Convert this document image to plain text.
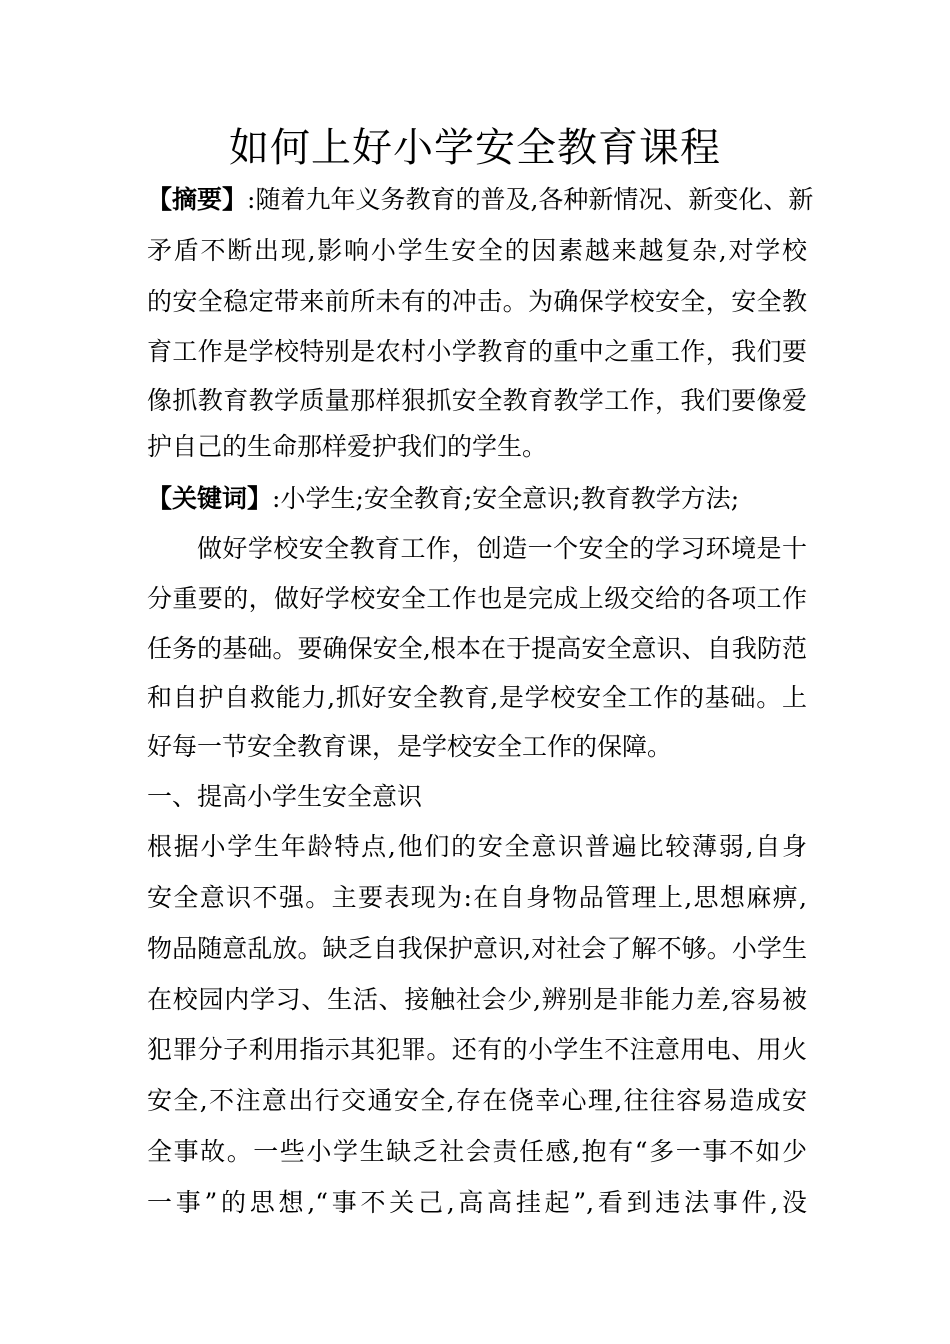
如何上好小学安全教育课程
【摘要】:随着九年义务教育的普及,各种新情况、新变化、新
矛盾不断出现,影响小学生安全的因素越来越复杂,对学校
的安全稳定带来前所未有的冲击。为确保学校安全，安全教
育工作是学校特别是农村小学教育的重中之重工作，我们要
像抓教育教学质量那样狠抓安全教育教学工作，我们要像爱
护自己的生命那样爱护我们的学生。
【关键词】:小学生;安全教育;安全意识;教育教学方法;
做好学校安全教育工作，创造一个安全的学习环境是十
分重要的，做好学校安全工作也是完成上级交给的各项工作
任务的基础。要确保安全,根本在于提高安全意识、自我防范
和自护自救能力,抓好安全教育,是学校安全工作的基础。上
好每一节安全教育课，是学校安全工作的保障。
一、提高小学生安全意识
根据小学生年龄特点,他们的安全意识普遍比较薄弱,自身
安全意识不强。主要表现为:在自身物品管理上,思想麻痹,
物品随意乱放。缺乏自我保护意识,对社会了解不够。小学生
在校园内学习、生活、接触社会少,辨别是非能力差,容易被
犯罪分子利用指示其犯罪。还有的小学生不注意用电、用火
安全,不注意出行交通安全,存在侥幸心理,往往容易造成安
全事故。一些小学生缺乏社会责任感,抱有“多一事不如少
一事”的思想,“事不关己,高高挂起”,看到违法事件,没
